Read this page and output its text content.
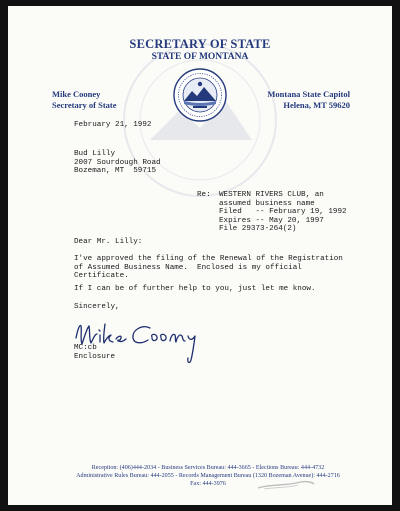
SECRETARY OF STATE
STATE OF MONTANA
Mike Cooney
Secretary of State
Montana State Capitol
Helena, MT 59620
February 21, 1992
Bud Lilly
2007 Sourdough Road
Bozeman, MT  59715
Re: WESTERN RIVERS CLUB, an
assumed business name
Filed   -- February 19, 1992
Expires -- May 20, 1997
File 29373-264(2)
Dear Mr. Lilly:
I've approved the filing of the Renewal of the Registration
of Assumed Business Name.  Enclosed is my official
Certificate.
If I can be of further help to you, just let me know.
Sincerely,
MC:cb
Enclosure
Reception: (406)444-2034 - Business Services Bureau: 444-3665 - Elections Bureau: 444-4732
Administrative Rules Bureau: 444-2055 - Records Management Bureau (1320 Bozeman Avenue): 444-2716
Fax: 444-3976
